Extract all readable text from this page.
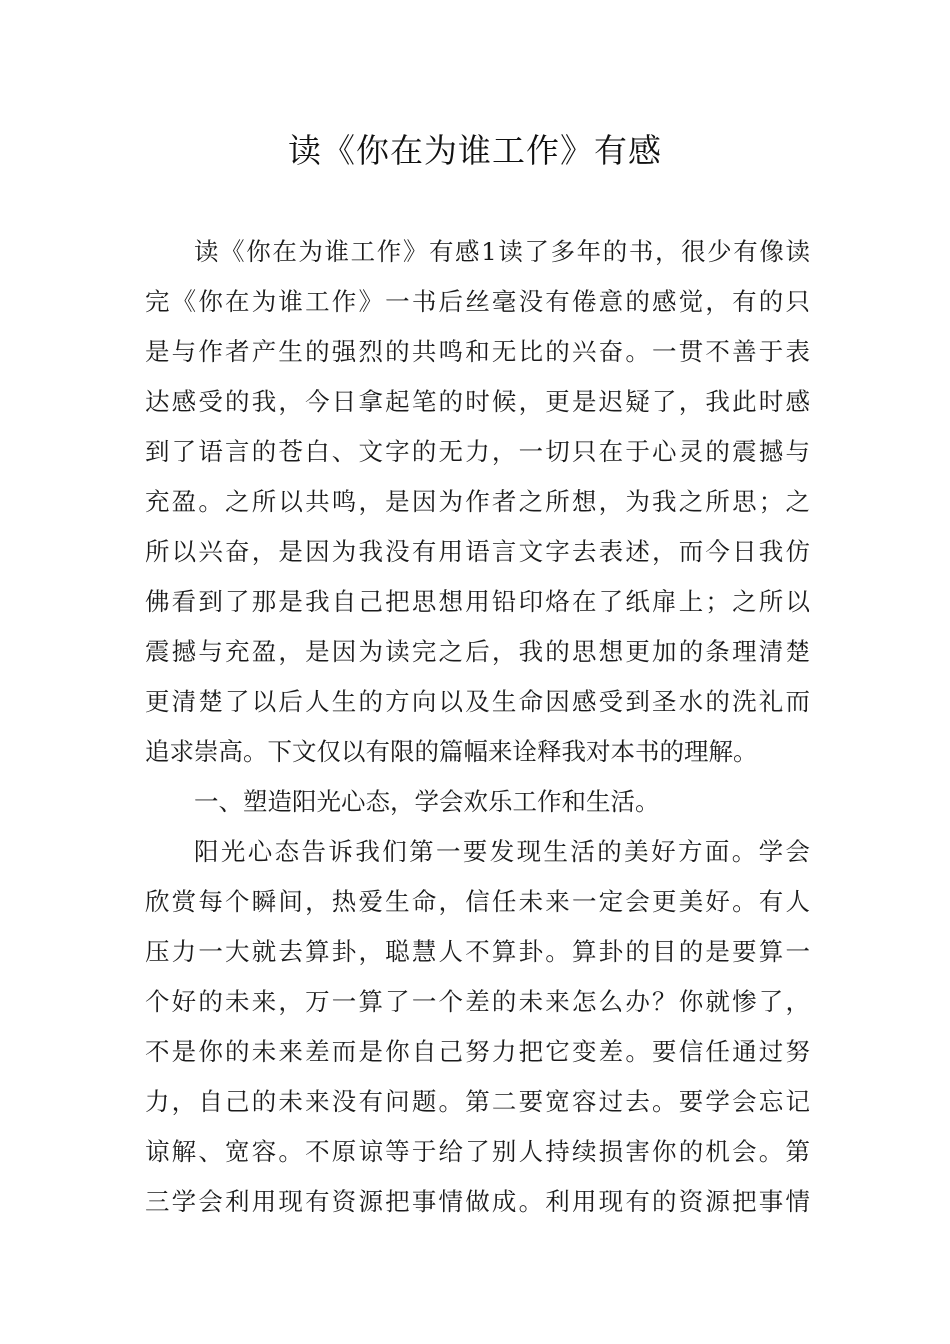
读《你在为谁工作》有感
读《你在为谁工作》有感1读了多年的书，很少有像读
完《你在为谁工作》一书后丝毫没有倦意的感觉，有的只
是与作者产生的强烈的共鸣和无比的兴奋。一贯不善于表
达感受的我，今日拿起笔的时候，更是迟疑了，我此时感
到了语言的苍白、文字的无力，一切只在于心灵的震撼与
充盈。之所以共鸣，是因为作者之所想，为我之所思；之
所以兴奋，是因为我没有用语言文字去表述，而今日我仿
佛看到了那是我自己把思想用铅印烙在了纸扉上；之所以
震撼与充盈，是因为读完之后，我的思想更加的条理清楚
更清楚了以后人生的方向以及生命因感受到圣水的洗礼而
追求崇高。下文仅以有限的篇幅来诠释我对本书的理解。
一、塑造阳光心态，学会欢乐工作和生活。
阳光心态告诉我们第一要发现生活的美好方面。学会
欣赏每个瞬间，热爱生命，信任未来一定会更美好。有人
压力一大就去算卦，聪慧人不算卦。算卦的目的是要算一
个好的未来，万一算了一个差的未来怎么办？你就惨了，
不是你的未来差而是你自己努力把它变差。要信任通过努
力，自己的未来没有问题。第二要宽容过去。要学会忘记
谅解、宽容。不原谅等于给了别人持续损害你的机会。第
三学会利用现有资源把事情做成。利用现有的资源把事情
